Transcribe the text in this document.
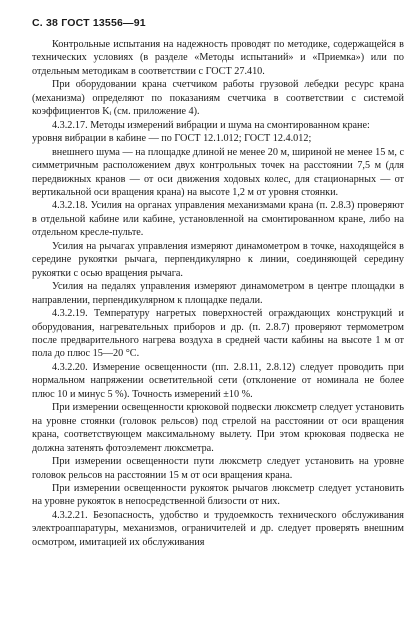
С. 38 ГОСТ 13556—91

Контрольные испытания на надежность проводят по методике, содержащейся в технических условиях (в разделе «Методы испытаний» и «Приемка») или по отдельным методикам в соответствии с ГОСТ 27.410.

При оборудовании крана счетчиком работы грузовой лебедки ресурс крана (механизма) определяют по показаниям счетчика в соответствии с системой коэффициентов Kᵢ (см. приложение 4).

4.3.2.17. Методы измерений вибрации и шума на смонтированном кране:

уровня вибрации в кабине — по ГОСТ 12.1.012; ГОСТ 12.4.012;

внешнего шума — на площадке длиной не менее 20 м, шириной не менее 15 м, с симметричным расположением двух контрольных точек на расстоянии 7,5 м (для передвижных кранов — от оси движения ходовых колес, для стационарных — от вертикальной оси вращения крана) на высоте 1,2 м от уровня стоянки.

4.3.2.18. Усилия на органах управления механизмами крана (п. 2.8.3) проверяют в отдельной кабине или кабине, установленной на смонтированном кране, либо на отдельном кресле-пульте.

Усилия на рычагах управления измеряют динамометром в точке, находящейся в середине рукоятки рычага, перпендикулярно к линии, соединяющей середину рукоятки с осью вращения рычага.

Усилия на педалях управления измеряют динамометром в центре площадки в направлении, перпендикулярном к площадке педали.

4.3.2.19. Температуру нагретых поверхностей ограждающих конструкций и оборудования, нагревательных приборов и др. (п. 2.8.7) проверяют термометром после предварительного нагрева воздуха в средней части кабины на высоте 1 м от пола до плюс 15—20 °С.

4.3.2.20. Измерение освещенности (пп. 2.8.11, 2.8.12) следует проводить при нормальном напряжении осветительной сети (отклонение от номинала не более плюс 10 и минус 5 %). Точность измерений ±10 %.

При измерении освещенности крюковой подвески люксметр следует установить на уровне стоянки (головок рельсов) под стрелой на расстоянии от оси вращения крана, соответствующем максимальному вылету. При этом крюковая подвеска не должна затенять фотоэлемент люксметра.

При измерении освещенности пути люксметр следует установить на уровне головок рельсов на расстоянии 15 м от оси вращения крана.

При измерении освещенности рукояток рычагов люксметр следует установить на уровне рукояток в непосредственной близости от них.

4.3.2.21. Безопасность, удобство и трудоемкость технического обслуживания электроаппаратуры, механизмов, ограничителей и др. следует проверять внешним осмотром, имитацией их обслуживания
